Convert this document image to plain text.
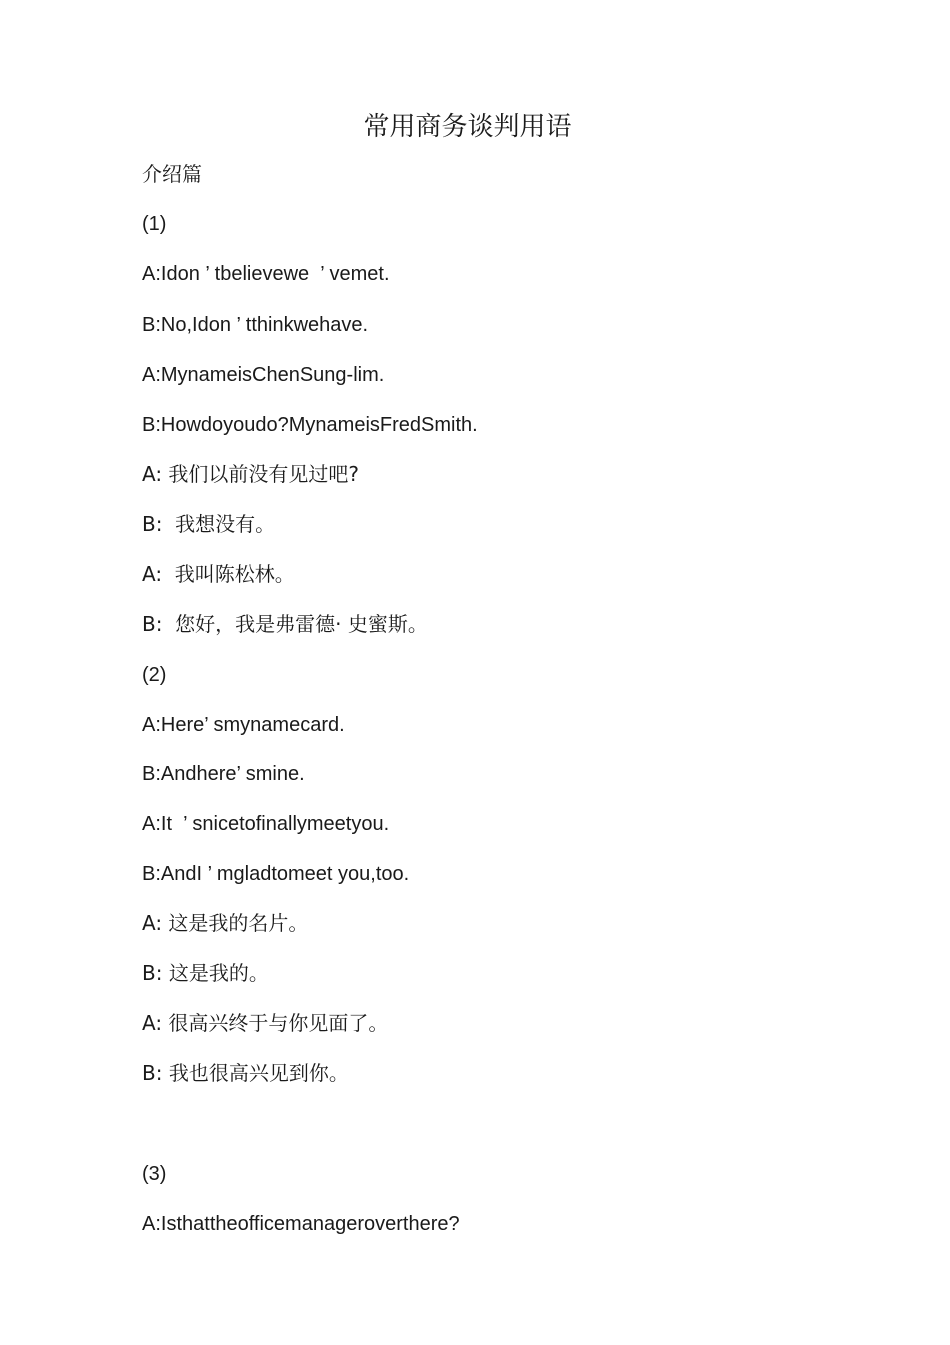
常用商务谈判用语

介绍篇

(1)

A:Idon ’ tbelievewe  ’ vemet.

B:No,Idon ’ tthinkwehave.

A:MynameisChenSung-lim.

B:Howdoyoudo?MynameisFredSmith.

A: 我们以前没有见过吧?

B:  我想没有。

A:  我叫陈松林。

B:  您好，我是弗雷德· 史蜜斯。

(2)

A:Here’ smynamecard.

B:Andhere’ smine.

A:It  ’ snicetofinallymeetyou.

B:AndI ’ mgladtomeet you,too.

A: 这是我的名片。

B: 这是我的。

A: 很高兴终于与你见面了。

B: 我也很高兴见到你。

(3)

A:Isthattheofficemanageroverthere?
